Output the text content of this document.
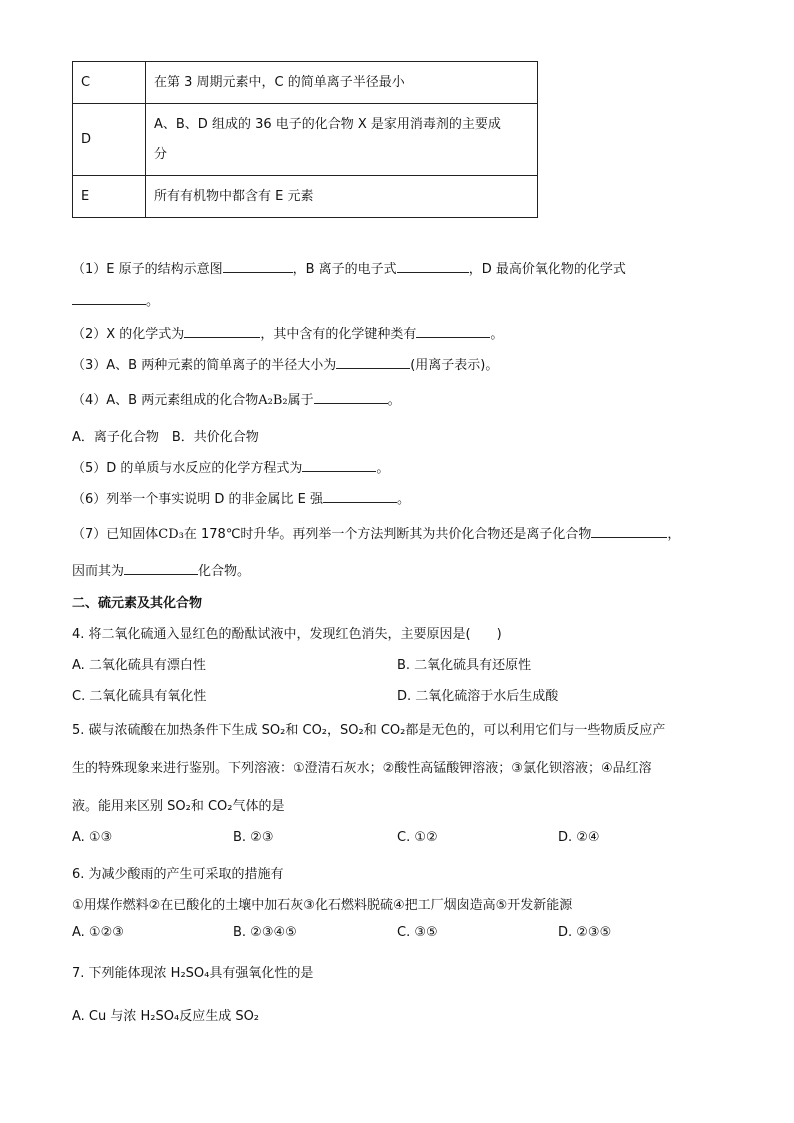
C	在第 3 周期元素中，C 的简单离子半径最小
D	A、B、D 组成的 36 电子的化合物 X 是家用消毒剂的主要成
分

E	所有有机物中都含有 E 元素
（1）E 原子的结构示意图	，B 离子的电子式	，D 最高价氧化物的化学式
。
（2）X 的化学式为	，其中含有的化学键种类有	。
（3）A、B 两种元素的简单离子的半径大小为	(用离子表示)。
（4）A、B 两元素组成的化合物A₂B₂属于	。
A．离子化合物　B．共价化合物
（5）D 的单质与水反应的化学方程式为	。
（6）列举一个事实说明 D 的非金属比 E 强	。
（7）已知固体CD₃在 178℃时升华。再列举一个方法判断其为共价化合物还是离子化合物	，
因而其为	化合物。
二、硫元素及其化合物
4. 将二氧化硫通入显红色的酚酞试液中，发现红色消失，主要原因是(　　)
A. 二氧化硫具有漂白性	B. 二氧化硫具有还原性
C. 二氧化硫具有氧化性	D. 二氧化硫溶于水后生成酸
5. 碳与浓硫酸在加热条件下生成 SO₂和 CO₂，SO₂和 CO₂都是无色的，可以利用它们与一些物质反应产
生的特殊现象来进行鉴别。下列溶液：①澄清石灰水；②酸性高锰酸钾溶液；③氯化钡溶液；④品红溶
液。能用来区别 SO₂和 CO₂气体的是
A. ①③	B. ②③	C. ①②	D. ②④
6. 为减少酸雨的产生可采取的措施有
①用煤作燃料②在已酸化的土壤中加石灰③化石燃料脱硫④把工厂烟囱造高⑤开发新能源
A. ①②③	B. ②③④⑤	C. ③⑤	D. ②③⑤
7. 下列能体现浓 H₂SO₄具有强氧化性的是
A. Cu 与浓 H₂SO₄反应生成 SO₂
